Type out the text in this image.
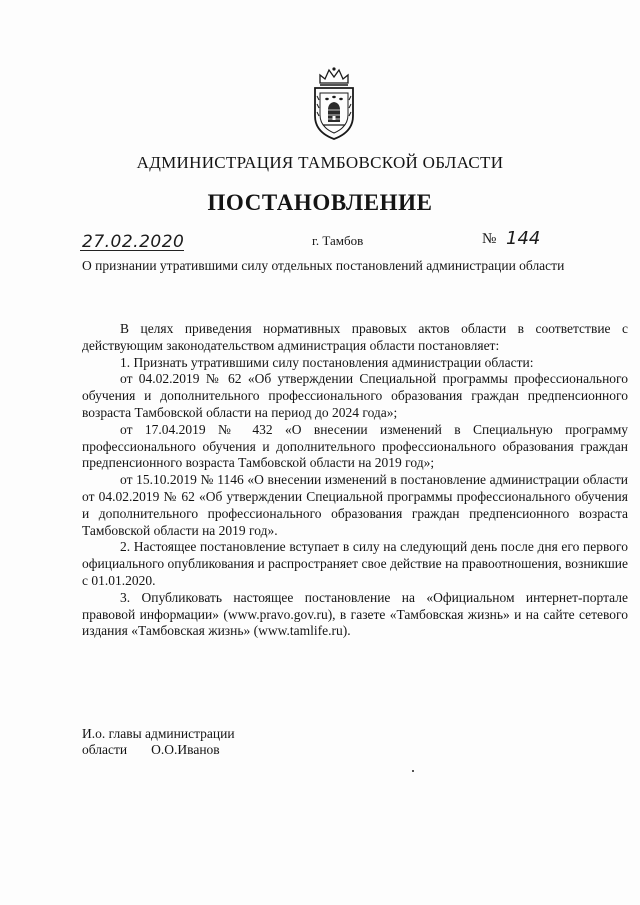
АДМИНИСТРАЦИЯ ТАМБОВСКОЙ ОБЛАСТИ
ПОСТАНОВЛЕНИЕ
27.02.2020	г. Тамбов	№ 144
О признании утратившими силу отдельных постановлений администрации области

В целях приведения нормативных правовых актов области в соответствие с действующим законодательством администрация области постановляет:

1. Признать утратившими силу постановления администрации области:

от 04.02.2019 № 62 «Об утверждении Специальной программы профессионального обучения и дополнительного профессионального образования граждан предпенсионного возраста Тамбовской области на период до 2024 года»;

от 17.04.2019 № 432 «О внесении изменений в Специальную программу профессионального обучения и дополнительного профессионального образования граждан предпенсионного возраста Тамбовской области на 2019 год»;

от 15.10.2019 № 1146 «О внесении изменений в постановление администрации области от 04.02.2019 № 62 «Об утверждении Специальной программы профессионального обучения и дополнительного профессионального образования граждан предпенсионного возраста Тамбовской области на 2019 год».

2. Настоящее постановление вступает в силу на следующий день после дня его первого официального опубликования и распространяет свое действие на правоотношения, возникшие с 01.01.2020.

3. Опубликовать настоящее постановление на «Официальном интернет-портале правовой информации» (www.pravo.gov.ru), в газете «Тамбовская жизнь» и на сайте сетевого издания «Тамбовская жизнь» (www.tamlife.ru).

И.о. главы администрации
области О.О.Иванов
